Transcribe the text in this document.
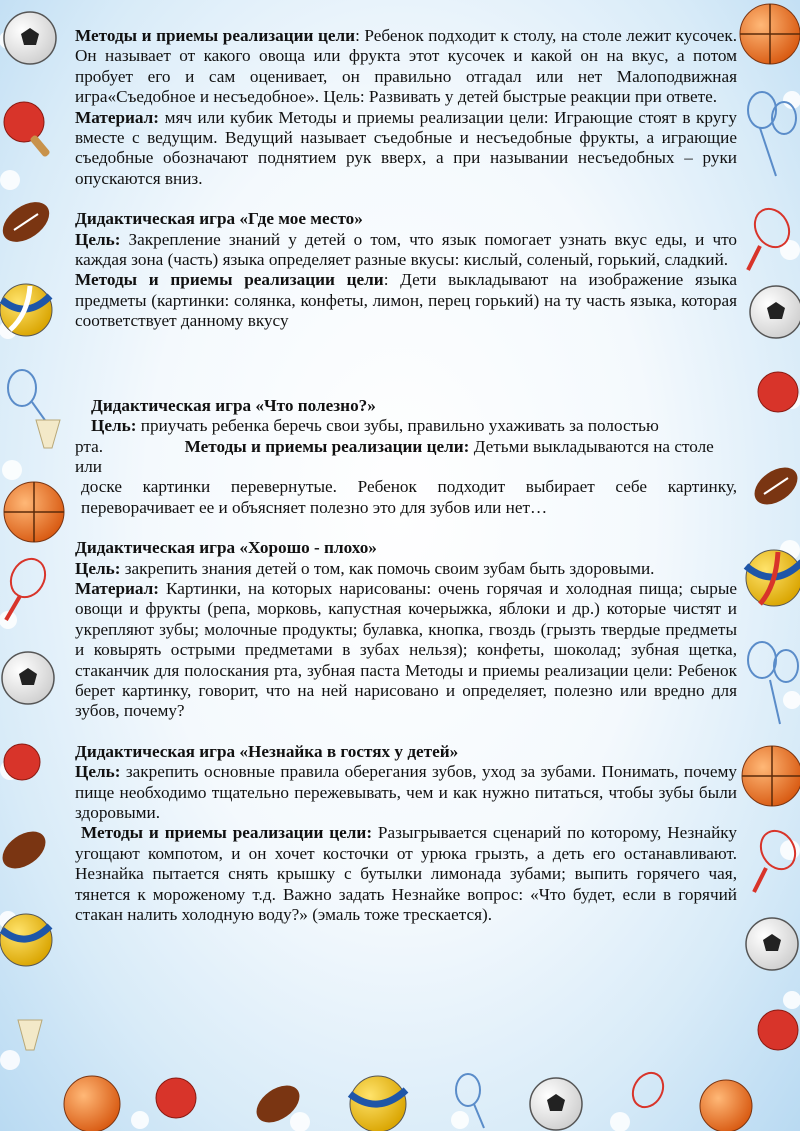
Методы и приемы реализации цели: Ребенок подходит к столу, на столе лежит кусочек. Он называет от какого овоща или фрукта этот кусочек и какой он на вкус, а потом пробует его и сам оценивает, он правильно отгадал или нет Малоподвижная игра«Съедобное и несъедобное». Цель: Развивать у детей быстрые реакции при ответе.

Материал: мяч или кубик Методы и приемы реализации цели: Играющие стоят в кругу вместе с ведущим. Ведущий называет съедобные и несъедобные фрукты, а играющие съедобные обозначают поднятием рук вверх, а при назывании несъедобных – руки опускаются вниз.

Дидактическая игра «Где мое место»

Цель: Закрепление знаний у детей о том, что язык помогает узнать вкус еды, и что каждая зона (часть) языка определяет разные вкусы: кислый, соленый, горький, сладкий.

Методы и приемы реализации цели: Дети выкладывают на изображение языка предметы (картинки: солянка, конфеты, лимон, перец горький) на ту часть языка, которая соответствует данному вкусу

Дидактическая игра «Что полезно?»

Цель: приучать ребенка беречь свои зубы, правильно ухаживать за полостью рта.	Методы и приемы реализации цели: Детьми выкладываются на столе или

доске картинки перевернутые. Ребенок подходит выбирает себе картинку, переворачивает ее и объясняет полезно это для зубов или нет…

Дидактическая игра «Хорошо - плохо»

Цель: закрепить знания детей о том, как помочь своим зубам быть здоровыми.

Материал: Картинки, на которых нарисованы: очень горячая и холодная пища; сырые овощи и фрукты (репа, морковь, капустная кочерыжка, яблоки и др.) которые чистят и укрепляют зубы; молочные продукты; булавка, кнопка, гвоздь (грызть твердые предметы и ковырять острыми предметами в зубах нельзя); конфеты, шоколад; зубная щетка, стаканчик для полоскания рта, зубная паста Методы и приемы реализации цели: Ребенок берет картинку, говорит, что на ней нарисовано и определяет, полезно или вредно для зубов, почему?

Дидактическая игра «Незнайка в гостях у детей»

Цель: закрепить основные правила оберегания зубов, уход за зубами. Понимать, почему пище необходимо тщательно пережевывать, чем и как нужно питаться, чтобы зубы были здоровыми.

Методы и приемы реализации цели: Разыгрывается сценарий по которому, Незнайку угощают компотом, и он хочет косточки от урюка грызть, а деть его останавливают. Незнайка пытается снять крышку с бутылки лимонада зубами; выпить горячего чая, тянется к мороженому т.д. Важно задать Незнайке вопрос: «Что будет, если в горячий стакан налить холодную воду?» (эмаль тоже трескается).
